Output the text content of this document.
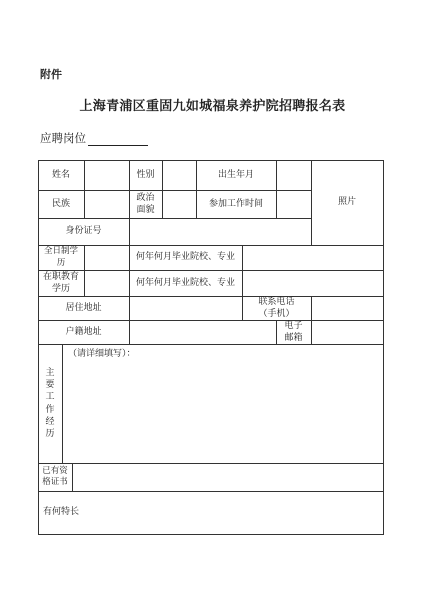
附件
上海青浦区重固九如城福泉养护院招聘报名表
应聘岗位
姓名	性别	出生年月
照片
民族
政治
面貌
参加工作时间
身份证号
全日制学历
何年何月毕业院校、专业
在职教育学历
何年何月毕业院校、专业
居住地址
联系电话
（手机）
户籍地址
电子
邮箱
主要工作经历
（请详细填写）：
已有资格证书
有何特长
